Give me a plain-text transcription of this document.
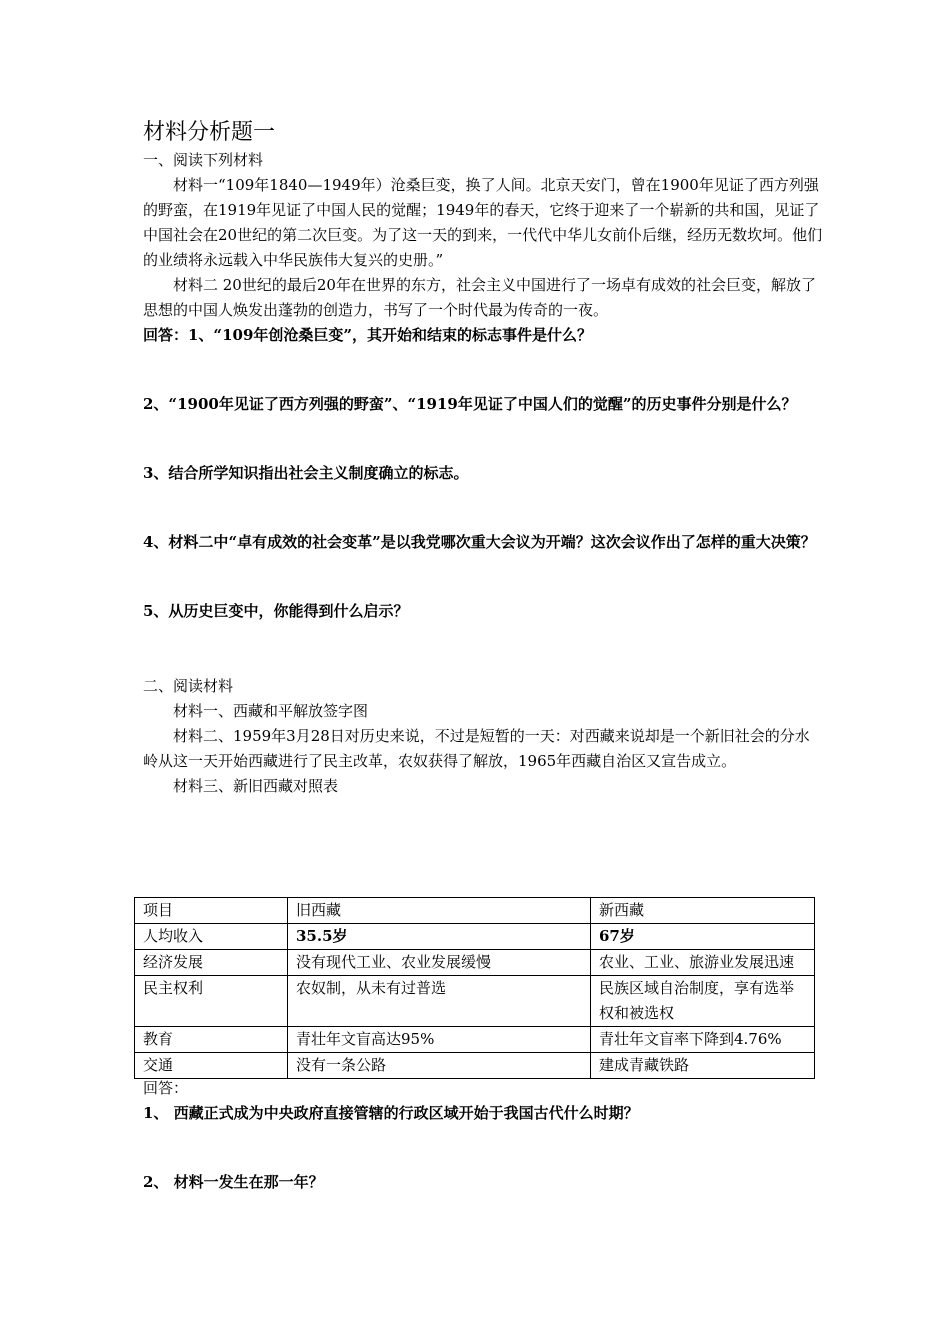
材料分析题一

一、阅读下列材料

材料一“109年1840—1949年）沧桑巨变，换了人间。北京天安门，曾在1900年见证了西方列强的野蛮，在1919年见证了中国人民的觉醒；1949年的春天，它终于迎来了一个崭新的共和国，见证了中国社会在20世纪的第二次巨变。为了这一天的到来，一代代中华儿女前仆后继，经历无数坎坷。他们的业绩将永远载入中华民族伟大复兴的史册。”

材料二 20世纪的最后20年在世界的东方，社会主义中国进行了一场卓有成效的社会巨变，解放了思想的中国人焕发出蓬勃的创造力，书写了一个时代最为传奇的一夜。

回答：1、“109年创沧桑巨变”，其开始和结束的标志事件是什么？

2、“1900年见证了西方列强的野蛮”、“1919年见证了中国人们的觉醒”的历史事件分别是什么？

3、结合所学知识指出社会主义制度确立的标志。

4、材料二中“卓有成效的社会变革”是以我党哪次重大会议为开端？这次会议作出了怎样的重大决策？

5、从历史巨变中，你能得到什么启示？

二、阅读材料

材料一、西藏和平解放签字图

材料二、1959年3月28日对历史来说，不过是短暂的一天：对西藏来说却是一个新旧社会的分水岭从这一天开始西藏进行了民主改革，农奴获得了解放，1965年西藏自治区又宣告成立。

材料三、新旧西藏对照表

项目	旧西藏	新西藏
人均收入	35.5岁	67岁
经济发展	没有现代工业、农业发展缓慢	农业、工业、旅游业发展迅速
民主权利	农奴制，从未有过普选	民族区域自治制度，享有选举权和被选权
教育	青壮年文盲高达95%	青壮年文盲率下降到4.76%
交通	没有一条公路	建成青藏铁路

回答：

1、 西藏正式成为中央政府直接管辖的行政区域开始于我国古代什么时期？

2、 材料一发生在那一年？
